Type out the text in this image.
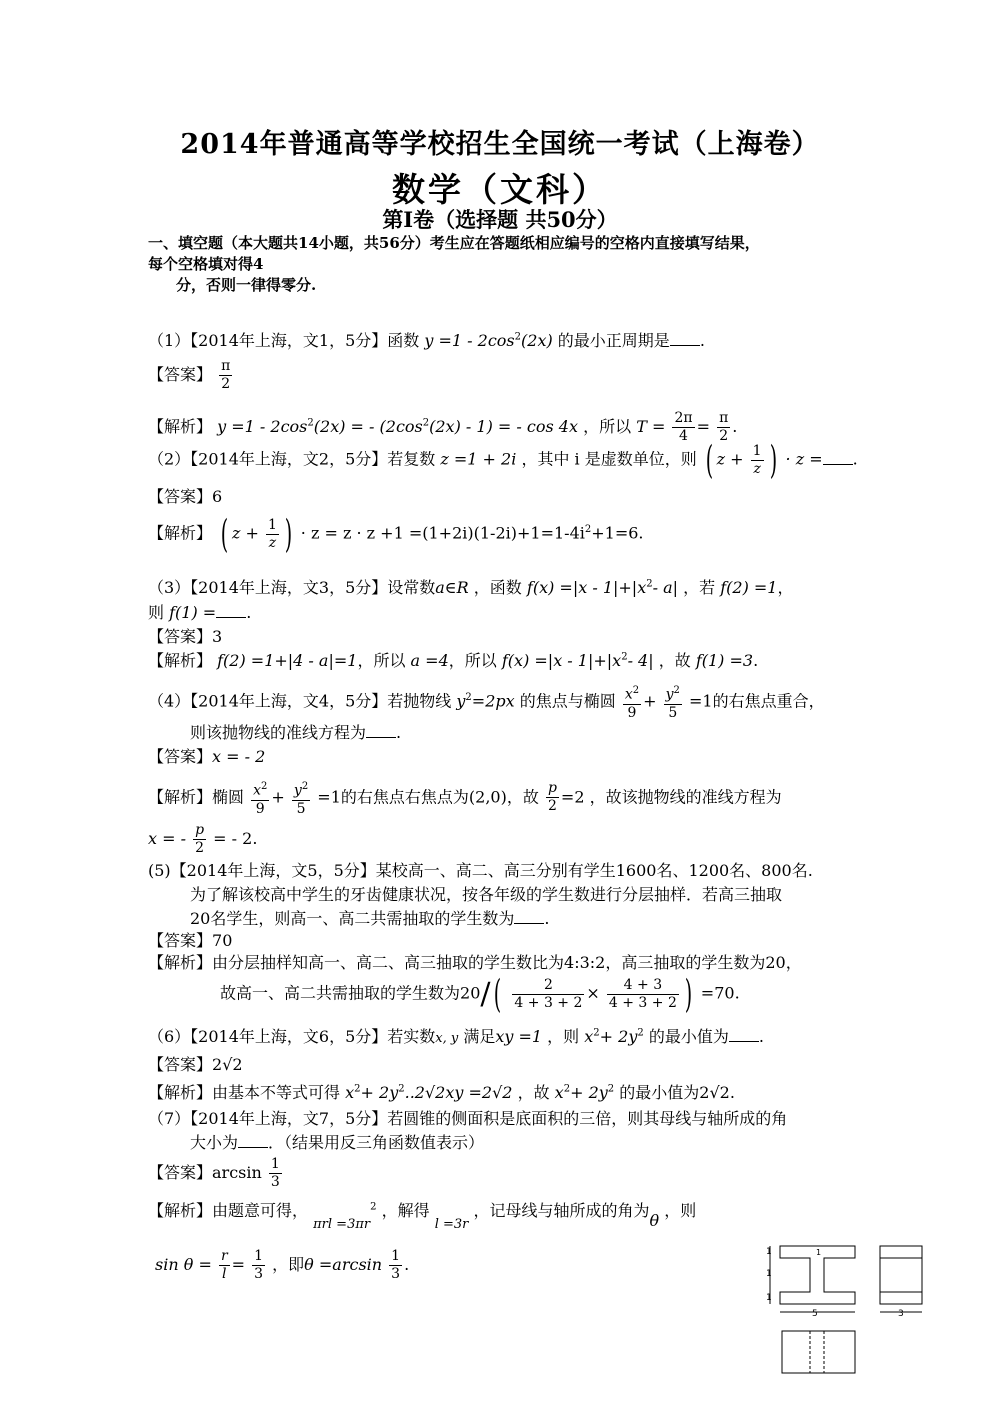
2014年普通高等学校招生全国统一考试（上海卷）
数学（文科）
第Ⅰ卷（选择题 共50分）
一、填空题（本大题共14小题，共56分）考生应在答题纸相应编号的空格内直接填写结果，
每个空格填对得4
分，否则一律得零分.
（1）【2014年上海，文1，5分】函数 $y =1 - 2\cos^2(2x)$ 的最小正周期是 .
【答案】 $\frac{\pi}{2}$
【解析】 $y =1 - 2\cos^2(2x)$ = - $(2\cos^2(2x) - 1)$ = - cos 4x ，所以 $T = \frac{2\pi}{4} = \frac{\pi}{2}$ .
（2）【2014年上海，文2，5分】若复数 z =1 + 2i ，其中 i 是虚数单位，则 ( $z + \frac{1}{z}$ ) · z = .
【答案】6
【解析】 ( $z + \frac{1}{z}$ ) · $z = z \cdot z +1 =(1+2i)(1-2i)+1=1-4i^2+1=6$.
（3）【2014年上海，文3，5分】设常数a∈R ，函数 $f(x) =|x - 1|+|x^2-$ a| ，若 f(2) =1，
则 f(1) = .
【答案】3
【解析】 f(2) =1+|4 - a|=1，所以 a =4，所以 $f(x) =|x - 1|+|x^2-$ 4| ，故 f(1) =3.
（4）【2014年上海，文4，5分】若抛物线 $y^2=2px$ 的焦点与椭圆 $\frac{x^2}{9} + \frac{y^2}{5} =1$的右焦点重合，
则该抛物线的准线方程为 .
【答案】x = - 2
【解析】椭圆 $\frac{x^2}{9} + \frac{y^2}{5} =1$的右焦点右焦点为(2,0)，故 $\frac{p}{2} =2$ ，故该抛物线的准线方程为
x = - $\frac{p}{2}$ = - 2.
(5)【2014年上海，文5，5分】某校高一、高二、高三分别有学生1600名、1200名、800名.
为了解该校高中学生的牙齿健康状况，按各年级的学生数进行分层抽样．若高三抽取
20名学生，则高一、高二共需抽取的学生数为 .
【答案】70
【解析】由分层抽样知高一、高二、高三抽取的学生数比为4:3:2，高三抽取的学生数为20，
故高一、高二共需抽取的学生数为$20/( \frac{2}{4 + 3 + 2} \times \frac{4 + 3}{4 + 3 + 2}$ ) =70.
（6）【2014年上海，文6，5分】若实数x, y 满足xy =1 ，则 $x^2+ 2y^2$ 的最小值为 .
【答案】2√2
【解析】由基本不等式可得 $x^2+ 2y^2..2√2xy =2√2$ ，故 $x^2+ 2y^2$ 的最小值为2√2.
（7）【2014年上海，文7，5分】若圆锥的侧面积是底面积的三倍，则其母线与轴所成的角
大小为 ．（结果用反三角函数值表示）
【答案】$\arcsin \frac{1}{3}$
【解析】由题意可得， $_{\pi rl =3\pi r}^2$ ，解得 $_{l =3r}$ ，记母线与轴所成的角为θ ，则
$\sin \theta = \frac{r}{l} = \frac{1}{3}$ ，即$\theta =\arcsin \frac{1}{3}$ .
1
1
1
1
5	3
